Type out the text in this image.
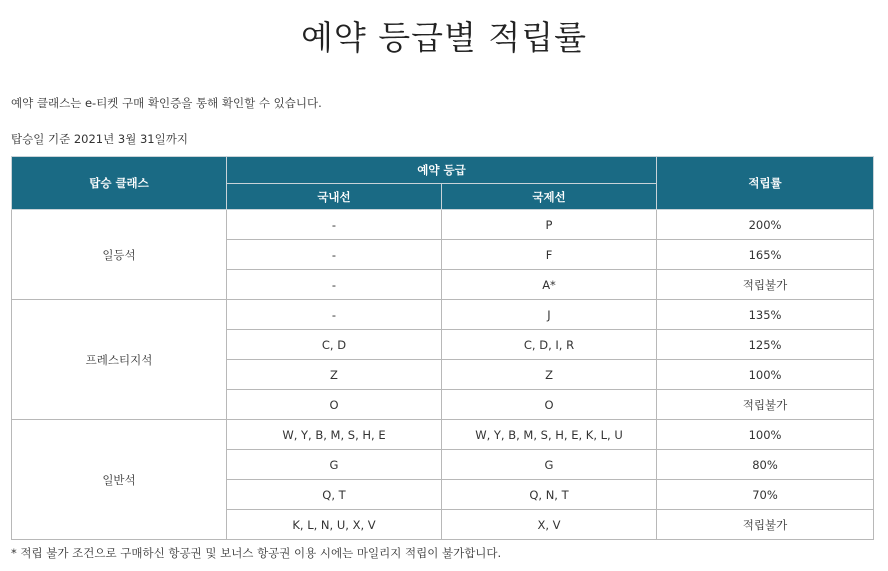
예약 등급별 적립률
예약 클래스는 e-티켓 구매 확인증을 통해 확인할 수 있습니다.
탑승일 기준 2021년 3월 31일까지
탑승 클래스	예약 등급		적립률
	국내선	국제선	
일등석	-	P	200%
	-	F	165%
	-	A*	적립불가
프레스티지석	-	J	135%
	C, D	C, D, I, R	125%
	Z	Z	100%
	O	O	적립불가
일반석	W, Y, B, M, S, H, E	W, Y, B, M, S, H, E, K, L, U	100%
	G	G	80%
	Q, T	Q, N, T	70%
	K, L, N, U, X, V	X, V	적립불가
* 적립 불가 조건으로 구매하신 항공권 및 보너스 항공권 이용 시에는 마일리지 적립이 불가합니다.
